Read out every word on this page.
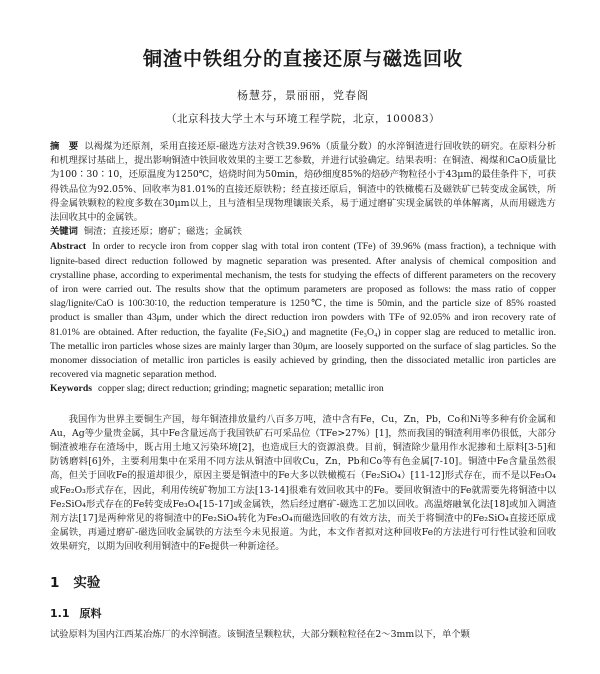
铜渣中铁组分的直接还原与磁选回收
杨慧芬，景丽丽，党春阁
（北京科技大学土木与环境工程学院，北京，100083）

摘　要 以褐煤为还原剂，采用直接还原-磁选方法对含铁39.96%（质量分数）的水淬铜渣进行回收铁的研究。在原料分析和机理探讨基础上，提出影响铜渣中铁回收效果的主要工艺参数，并进行试验确定。结果表明：在铜渣、褐煤和CaO质量比为100∶30∶10，还原温度为1250℃，焙烧时间为50min，焙砂细度85%的焙砂产物粒径小于43μm的最佳条件下，可获得铁品位为92.05%、回收率为81.01%的直接还原铁粉；经直接还原后，铜渣中的铁橄榄石及磁铁矿已转变成金属铁，所得金属铁颗粒的粒度多数在30μm以上，且与渣相呈现物理镶嵌关系，易于通过磨矿实现金属铁的单体解离，从而用磁选方法回收其中的金属铁。

关键词 铜渣；直接还原；磨矿；磁选；金属铁

Abstract In order to recycle iron from copper slag with total iron content (TFe) of 39.96% (mass fraction), a technique with lignite-based direct reduction followed by magnetic separation was presented. After analysis of chemical composition and crystalline phase, according to experimental mechanism, the tests for studying the effects of different parameters on the recovery of iron were carried out. The results show that the optimum parameters are proposed as follows: the mass ratio of copper slag/lignite/CaO is 100∶30∶10, the reduction temperature is 1250℃, the time is 50min, and the particle size of 85% roasted product is smaller than 43μm, under which the direct reduction iron powders with TFe of 92.05% and iron recovery rate of 81.01% are obtained. After reduction, the fayalite (Fe₂SiO₄) and magnetite (Fe₃O₄) in copper slag are reduced to metallic iron. The metallic iron particles whose sizes are mainly larger than 30μm, are loosely supported on the surface of slag particles. So the monomer dissociation of metallic iron particles is easily achieved by grinding, then the dissociated metallic iron particles are recovered via magnetic separation method.

Keywords copper slag; direct reduction; grinding; magnetic separation; metallic iron

我国作为世界主要铜生产国，每年铜渣排放量约八百多万吨，渣中含有Fe，Cu，Zn，Pb，Co和Ni等多种有价金属和Au，Ag等少量贵金属，其中Fe含量远高于我国铁矿石可采品位（TFe>27%）[1]，然而我国的铜渣利用率仍很低，大部分铜渣被堆存在渣场中，既占用土地又污染环境[2]，也造成巨大的资源浪费。目前，铜渣除少量用作水泥掺和土原料[3-5]和防锈磨料[6]外，主要利用集中在采用不同方法从铜渣中回收Cu，Zn，Pb和Co等有色金属[7-10]。铜渣中Fe含量虽然很高，但关于回收Fe的报道却很少，原因主要是铜渣中的Fe大多以铁橄榄石（Fe₂SiO₄）[11-12]形式存在，而不是以Fe₃O₄或Fe₂O₃形式存在，因此，利用传统矿物加工方法[13-14]很难有效回收其中的Fe。要回收铜渣中的Fe就需要先将铜渣中以Fe₂SiO₄形式存在的Fe转变成Fe₃O₄[15-17]或金属铁，然后经过磨矿-磁选工艺加以回收。高温熔融氧化法[18]或加入调渣剂方法[17]是两种常见的将铜渣中的Fe₂SiO₄转化为Fe₃O₄而磁选回收的有效方法，而关于将铜渣中的Fe₂SiO₄直接还原成金属铁，再通过磨矿-磁选回收金属铁的方法至今未见报道。为此，本文作者拟对这种回收Fe的方法进行可行性试验和回收效果研究，以期为回收利用铜渣中的Fe提供一种新途径。

1 实验
1.1 原料

试验原料为国内江西某冶炼厂的水淬铜渣。该铜渣呈颗粒状，大部分颗粒粒径在2～3mm以下，单个颗
